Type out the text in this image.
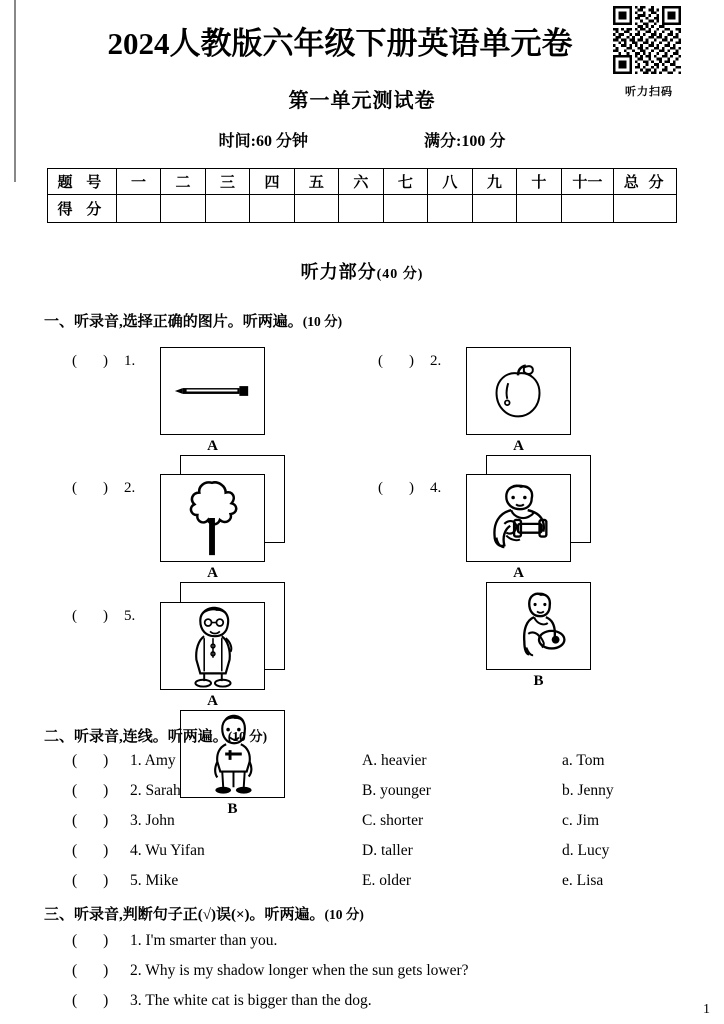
2024人教版六年级下册英语单元卷
听力扫码
第一单元测试卷
时间:60 分钟	满分:100 分
题 号	一	二	三	四	五	六	七	八	九	十	十一	总 分
得 分												
听力部分(40 分)
一、听录音,选择正确的图片。听两遍。(10 分)
( ) 1.
A

( ) 2.
A

( ) 2.
A

( ) 4.
A

B
( ) 5.
A

B
二、听录音,连线。听两遍。(10 分)
( ) 1. Amy	A. heavier	a. Tom
( ) 2. Sarah	B. younger	b. Jenny
( ) 3. John	C. shorter	c. Jim
( ) 4. Wu Yifan	D. taller	d. Lucy
( ) 5. Mike	E. older	e. Lisa
三、听录音,判断句子正(√)误(×)。听两遍。(10 分)
( ) 1. I'm smarter than you.
( ) 2. Why is my shadow longer when the sun gets lower?
( ) 3. The white cat is bigger than the dog.
1
